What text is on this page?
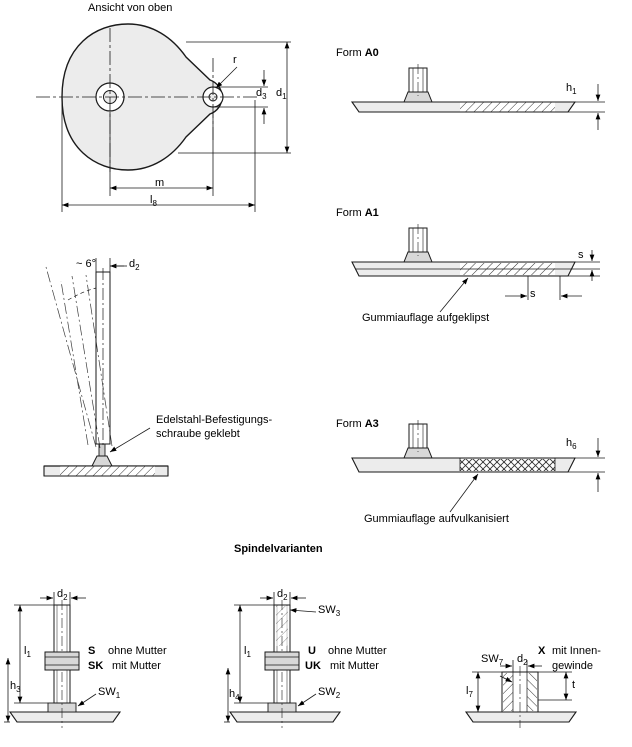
Ansicht von oben
r
$d_3$ $d_1$
m
$l_8$
~ 6°	$d_2$
Edelstahl-Befestigungs-
schraube geklebt
Form A0
$h_1$
Form A1
s
s
Gummiauflage aufgeklipst
Form A3
$h_6$
Gummiauflage aufvulkanisiert
Spindelvarianten
$d_2$
S ohne Mutter
SK mit Mutter
$l_1$
$h_3$	$SW_1$
$d_2$
$SW_3$
U ohne Mutter
UK mit Mutter
$l_1$
$h_4$	$SW_2$
X mit Innen-
gewinde
$SW_7$ $d_2$
t
$l_7$
